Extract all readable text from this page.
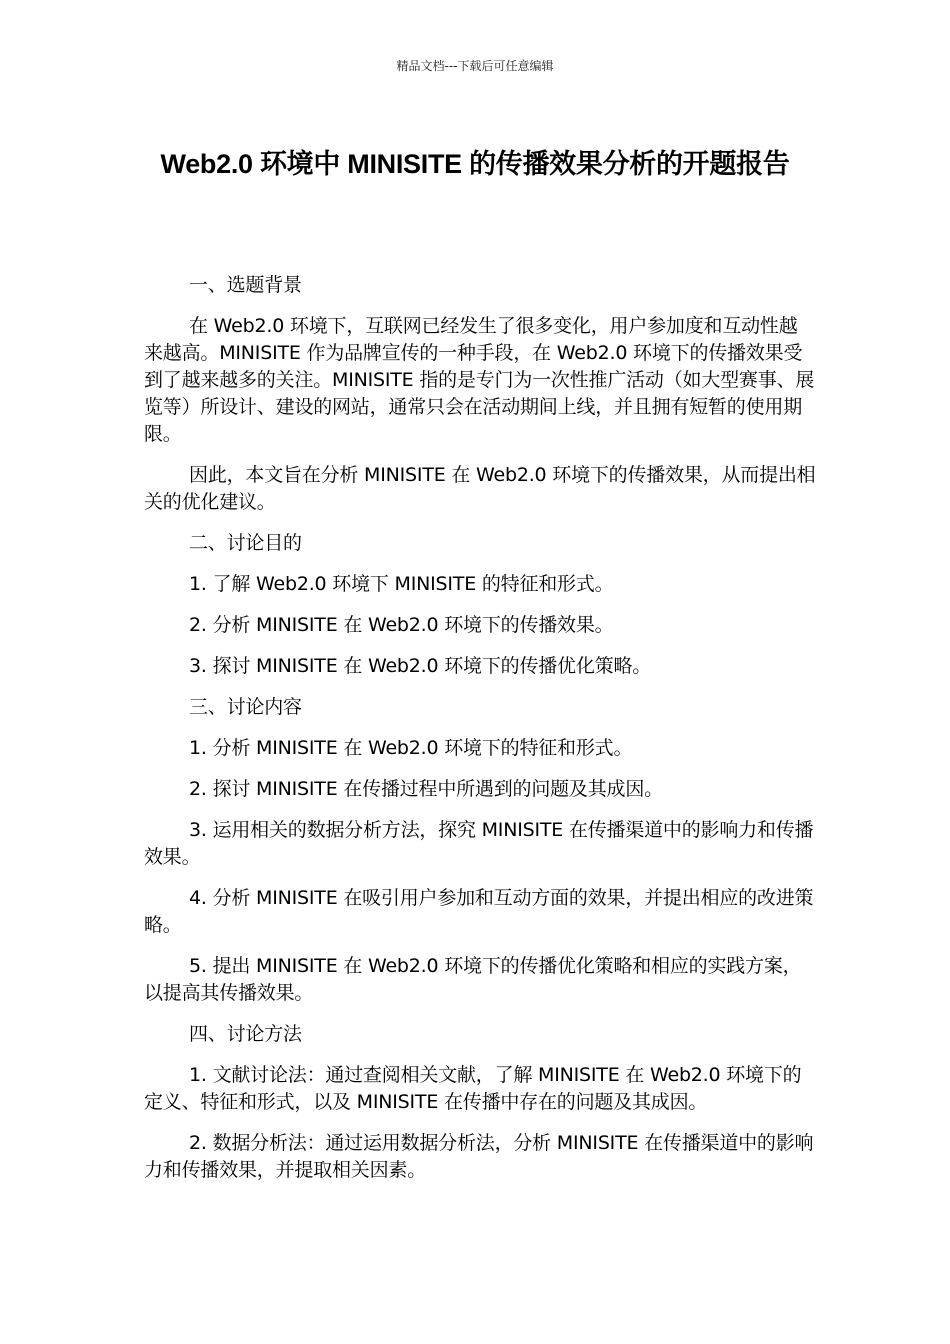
精品文档---下载后可任意编辑
Web2.0 环境中 MINISITE 的传播效果分析的开题报告

一、选题背景

在 Web2.0 环境下，互联网已经发生了很多变化，用户参加度和互动性越来越高。MINISITE 作为品牌宣传的一种手段，在 Web2.0 环境下的传播效果受到了越来越多的关注。MINISITE 指的是专门为一次性推广活动（如大型赛事、展览等）所设计、建设的网站，通常只会在活动期间上线，并且拥有短暂的使用期限。

因此，本文旨在分析 MINISITE 在 Web2.0 环境下的传播效果，从而提出相关的优化建议。

二、讨论目的

1. 了解 Web2.0 环境下 MINISITE 的特征和形式。

2. 分析 MINISITE 在 Web2.0 环境下的传播效果。

3. 探讨 MINISITE 在 Web2.0 环境下的传播优化策略。

三、讨论内容

1. 分析 MINISITE 在 Web2.0 环境下的特征和形式。

2. 探讨 MINISITE 在传播过程中所遇到的问题及其成因。

3. 运用相关的数据分析方法，探究 MINISITE 在传播渠道中的影响力和传播效果。

4. 分析 MINISITE 在吸引用户参加和互动方面的效果，并提出相应的改进策略。

5. 提出 MINISITE 在 Web2.0 环境下的传播优化策略和相应的实践方案，以提高其传播效果。

四、讨论方法

1. 文献讨论法：通过查阅相关文献，了解 MINISITE 在 Web2.0 环境下的定义、特征和形式，以及 MINISITE 在传播中存在的问题及其成因。

2. 数据分析法：通过运用数据分析法，分析 MINISITE 在传播渠道中的影响力和传播效果，并提取相关因素。
